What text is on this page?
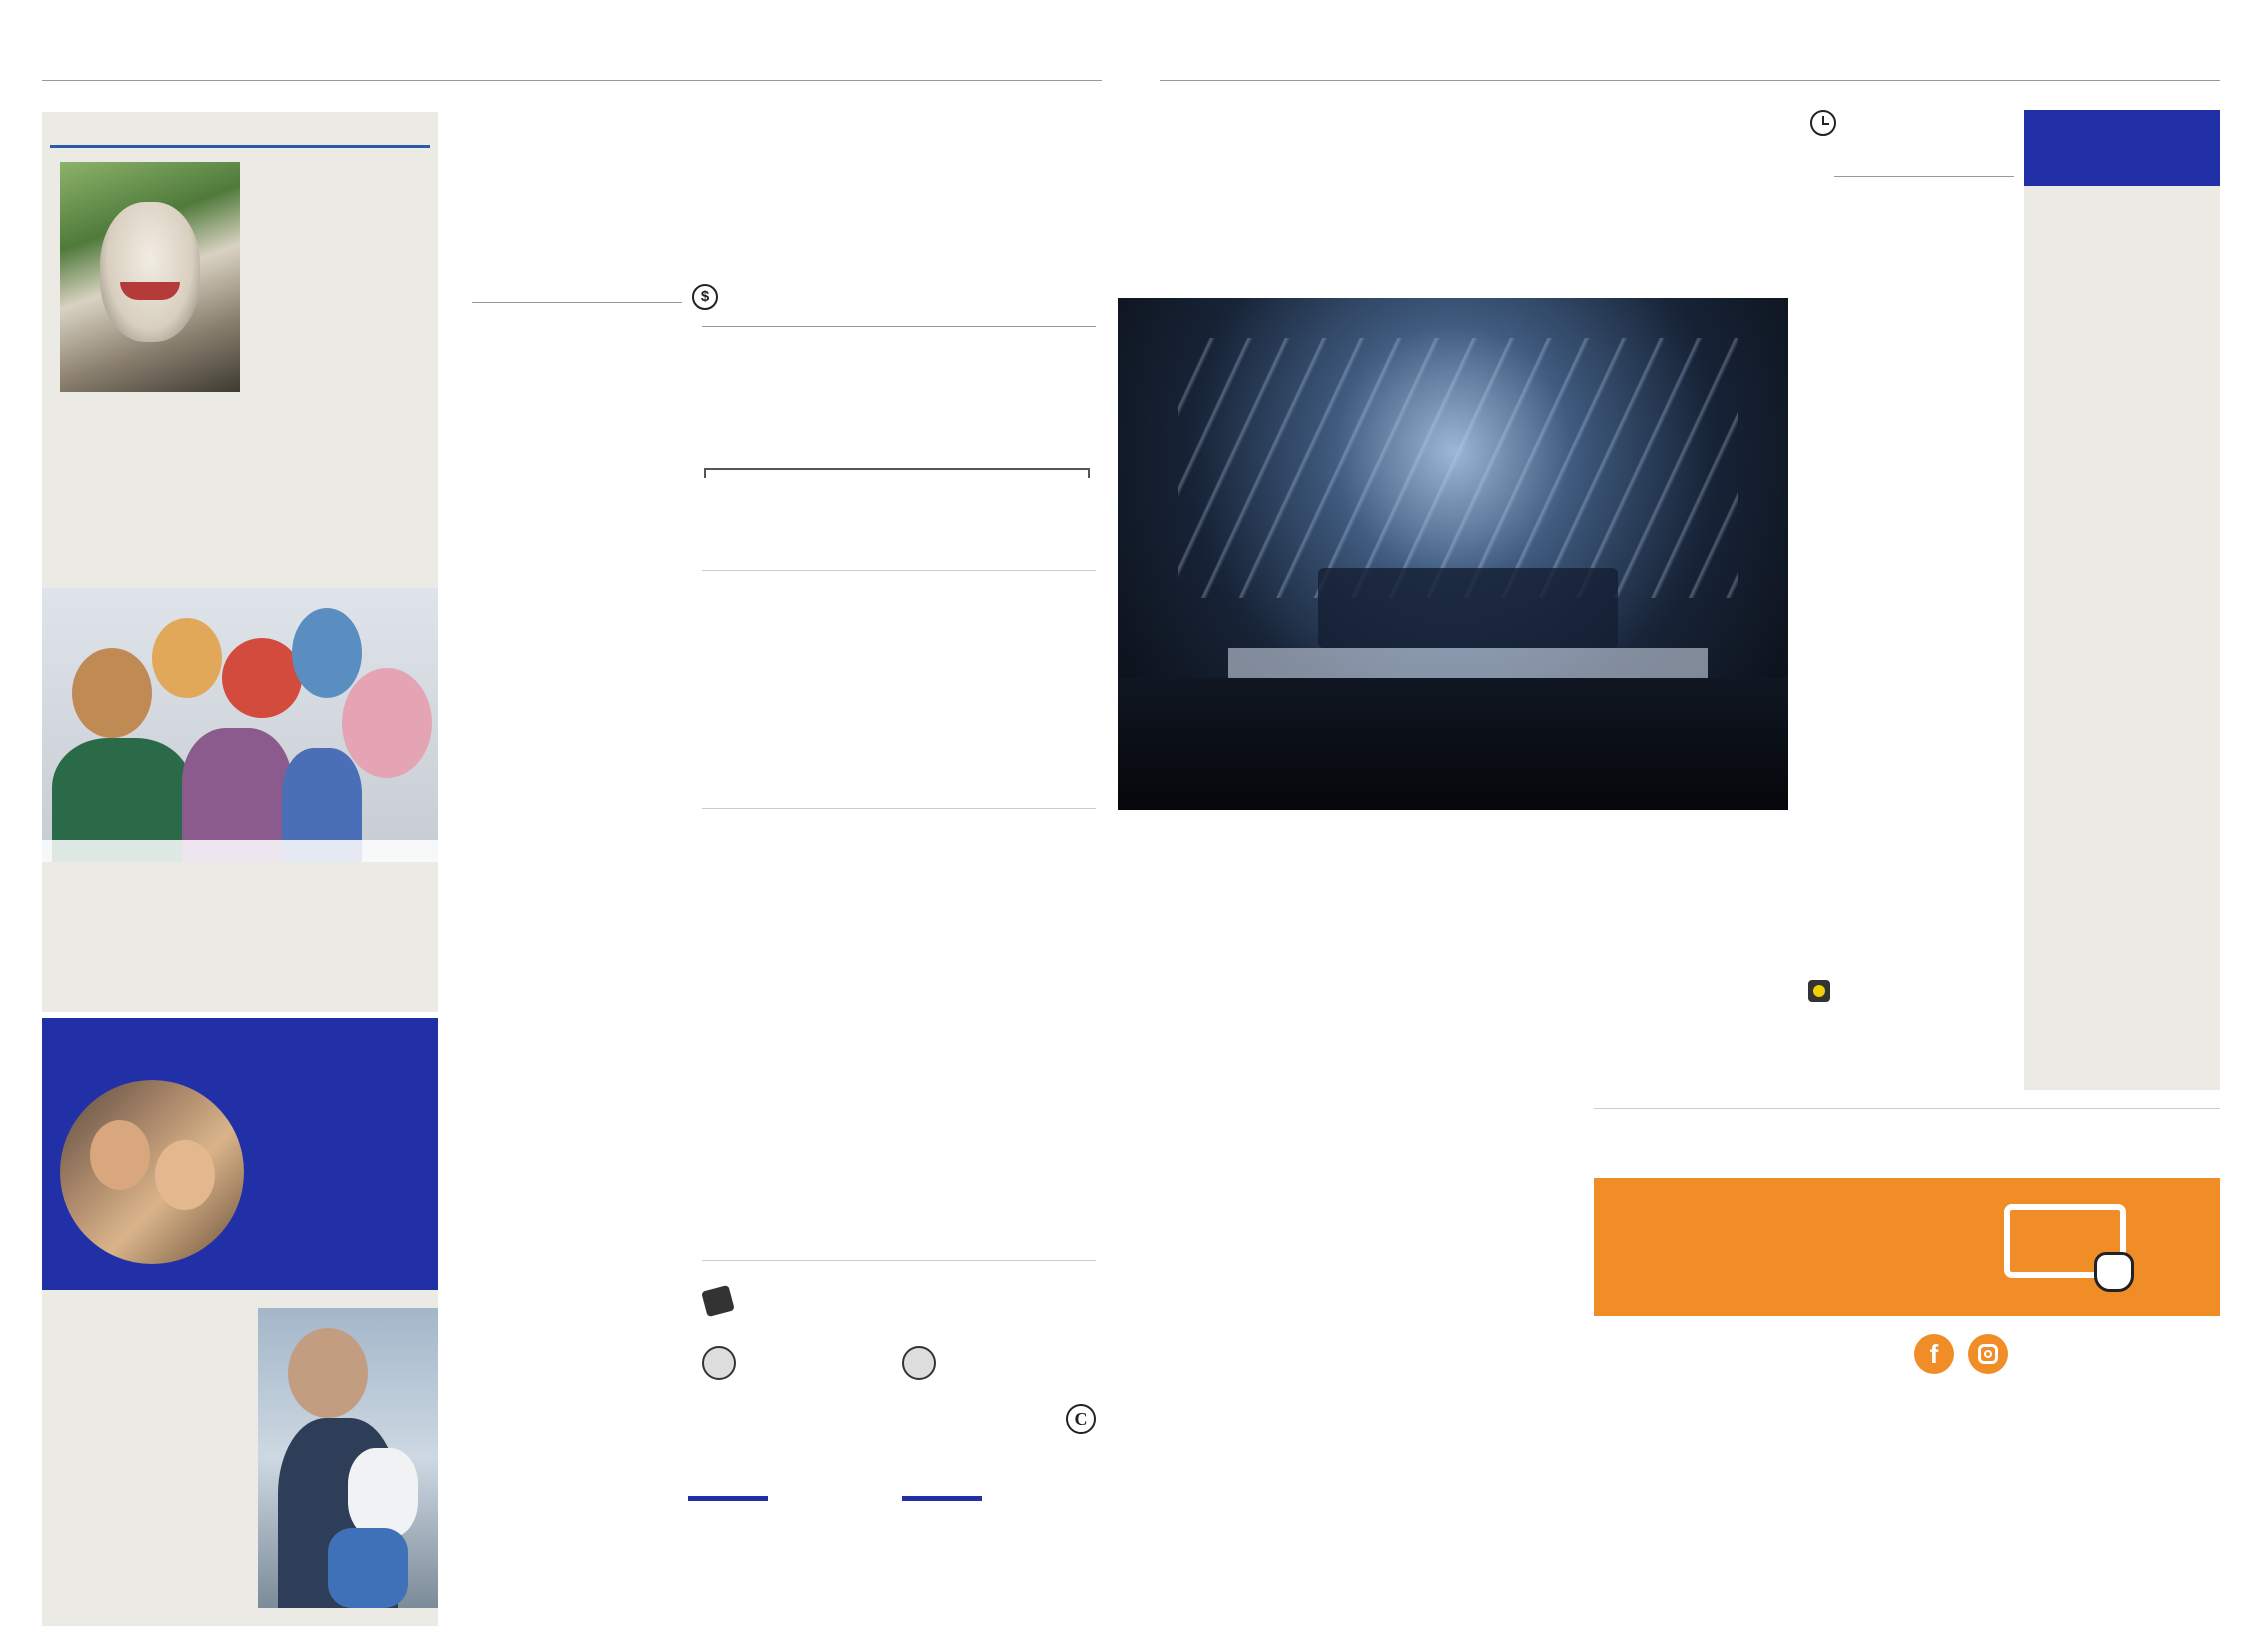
$
C
f
